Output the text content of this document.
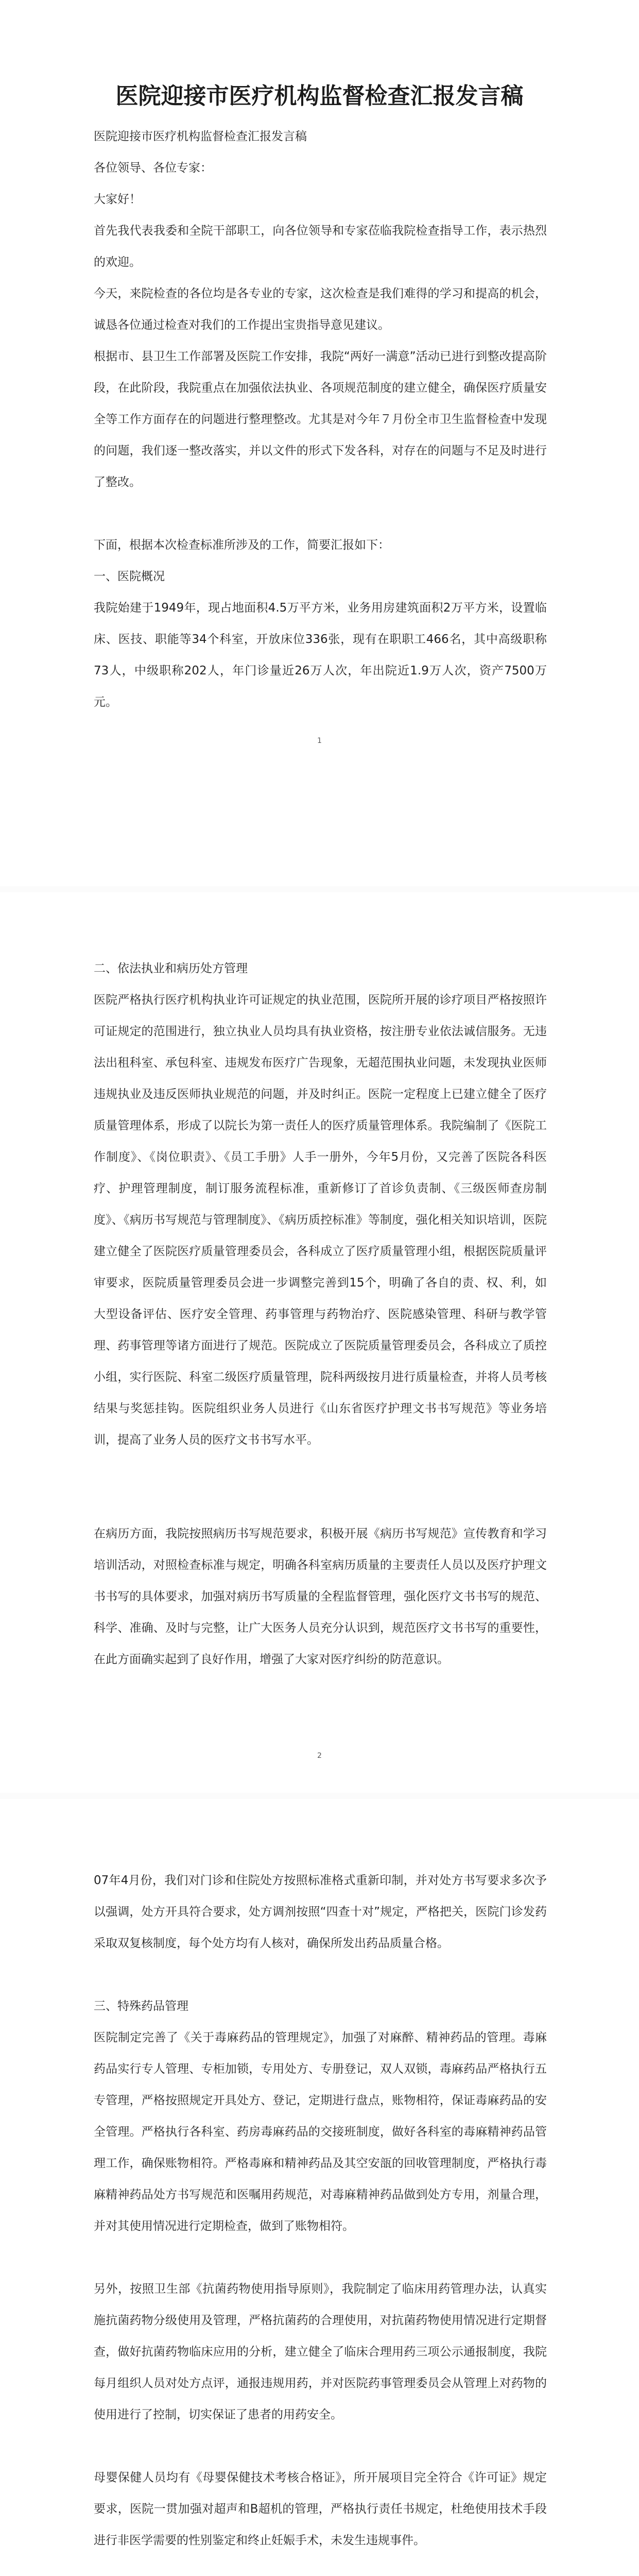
医院迎接市医疗机构监督检查汇报发言稿

医院迎接市医疗机构监督检查汇报发言稿

各位领导、各位专家：

大家好！

首先我代表我委和全院干部职工，向各位领导和专家莅临我院检查指导工作，表示热烈的欢迎。

今天，来院检查的各位均是各专业的专家，这次检查是我们难得的学习和提高的机会，诚恳各位通过检查对我们的工作提出宝贵指导意见建议。

根据市、县卫生工作部署及医院工作安排，我院“两好一满意”活动已进行到整改提高阶段，在此阶段，我院重点在加强依法执业、各项规范制度的建立健全，确保医疗质量安全等工作方面存在的问题进行整理整改。尤其是对今年７月份全市卫生监督检查中发现的问题，我们逐一整改落实，并以文件的形式下发各科，对存在的问题与不足及时进行了整改。

下面，根据本次检查标准所涉及的工作，简要汇报如下：

一、医院概况

我院始建于1949年，现占地面积4.5万平方米，业务用房建筑面积2万平方米，设置临床、医技、职能等34个科室，开放床位336张，现有在职职工466名，其中高级职称73人，中级职称202人，年门诊量近26万人次，年出院近1.9万人次，资产7500万元。

1

二、依法执业和病历处方管理

医院严格执行医疗机构执业许可证规定的执业范围，医院所开展的诊疗项目严格按照许可证规定的范围进行，独立执业人员均具有执业资格，按注册专业依法诚信服务。无违法出租科室、承包科室、违规发布医疗广告现象，无超范围执业问题，未发现执业医师违规执业及违反医师执业规范的问题，并及时纠正。医院一定程度上已建立健全了医疗质量管理体系，形成了以院长为第一责任人的医疗质量管理体系。我院编制了《医院工作制度》、《岗位职责》、《员工手册》人手一册外，今年5月份，又完善了医院各科医疗、护理管理制度，制订服务流程标准，重新修订了首诊负责制、《三级医师查房制度》、《病历书写规范与管理制度》、《病历质控标准》等制度，强化相关知识培训，医院建立健全了医院医疗质量管理委员会，各科成立了医疗质量管理小组，根据医院质量评审要求，医院质量管理委员会进一步调整完善到15个，明确了各自的责、权、利，如大型设备评估、医疗安全管理、药事管理与药物治疗、医院感染管理、科研与教学管理、药事管理等诸方面进行了规范。医院成立了医院质量管理委员会，各科成立了质控小组，实行医院、科室二级医疗质量管理，院科两级按月进行质量检查，并将人员考核结果与奖惩挂钩。医院组织业务人员进行《山东省医疗护理文书书写规范》等业务培训，提高了业务人员的医疗文书书写水平。

在病历方面，我院按照病历书写规范要求，积极开展《病历书写规范》宣传教育和学习培训活动，对照检查标准与规定，明确各科室病历质量的主要责任人员以及医疗护理文书书写的具体要求，加强对病历书写质量的全程监督管理，强化医疗文书书写的规范、科学、准确、及时与完整，让广大医务人员充分认识到，规范医疗文书书写的重要性，在此方面确实起到了良好作用，增强了大家对医疗纠纷的防范意识。

2

07年4月份，我们对门诊和住院处方按照标准格式重新印制，并对处方书写要求多次予以强调，处方开具符合要求，处方调剂按照“四查十对”规定，严格把关，医院门诊发药采取双复核制度，每个处方均有人核对，确保所发出药品质量合格。

三、特殊药品管理

医院制定完善了《关于毒麻药品的管理规定》，加强了对麻醉、精神药品的管理。毒麻药品实行专人管理、专柜加锁，专用处方、专册登记，双人双锁，毒麻药品严格执行五专管理，严格按照规定开具处方、登记，定期进行盘点，账物相符，保证毒麻药品的安全管理。严格执行各科室、药房毒麻药品的交接班制度，做好各科室的毒麻精神药品管理工作，确保账物相符。严格毒麻和精神药品及其空安瓿的回收管理制度，严格执行毒麻精神药品处方书写规范和医嘱用药规范，对毒麻精神药品做到处方专用，剂量合理，并对其使用情况进行定期检查，做到了账物相符。

另外，按照卫生部《抗菌药物使用指导原则》，我院制定了临床用药管理办法，认真实施抗菌药物分级使用及管理，严格抗菌药的合理使用，对抗菌药物使用情况进行定期督查，做好抗菌药物临床应用的分析，建立健全了临床合理用药三项公示通报制度，我院每月组织人员对处方点评，通报违规用药，并对医院药事管理委员会从管理上对药物的使用进行了控制，切实保证了患者的用药安全。

母婴保健人员均有《母婴保健技术考核合格证》，所开展项目完全符合《许可证》规定要求，医院一贯加强对超声和B超机的管理，严格执行责任书规定，杜绝使用技术手段进行非医学需要的性别鉴定和终止妊娠手术，未发生违规事件。
